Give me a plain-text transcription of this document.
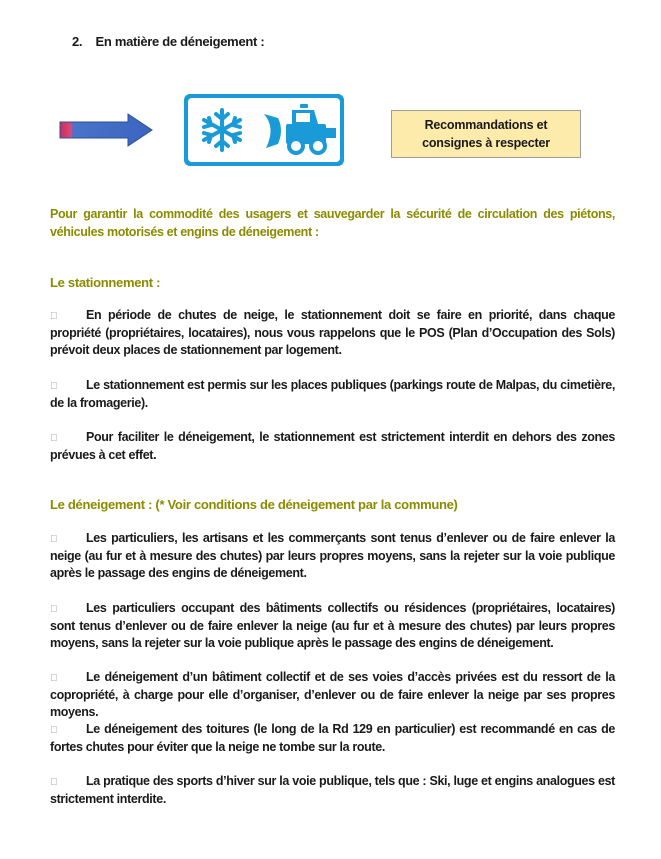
2.    En matière de déneigement :
Recommandations et
consignes à respecter
Pour garantir la commodité des usagers et sauvegarder la sécurité de circulation des piétons, véhicules motorisés et engins de déneigement :
Le stationnement :
En période de chutes de neige, le stationnement doit se faire en priorité, dans chaque propriété (propriétaires, locataires), nous vous rappelons que le POS (Plan d’Occupation des Sols) prévoit deux places de stationnement par logement.
Le stationnement est permis sur les places publiques (parkings route de Malpas, du cimetière, de la fromagerie).
Pour faciliter le déneigement, le stationnement est strictement interdit en dehors des zones prévues à cet effet.
Le déneigement : (* Voir conditions de déneigement par la commune)
Les particuliers, les artisans et les commerçants sont tenus d’enlever ou de faire enlever la neige (au fur et à mesure des chutes) par leurs propres moyens, sans la rejeter sur la voie publique après le passage des engins de déneigement.
Les particuliers occupant des bâtiments collectifs ou résidences (propriétaires, locataires) sont tenus d’enlever ou de faire enlever la neige (au fur et à mesure des chutes) par leurs propres moyens, sans la rejeter sur la voie publique après le passage des engins de déneigement.
Le déneigement d’un bâtiment collectif et de ses voies d’accès privées est du ressort de la copropriété, à charge pour elle d’organiser, d’enlever ou de faire enlever la neige par ses propres moyens.
Le déneigement des toitures (le long de la Rd 129 en particulier) est recommandé en cas de fortes chutes pour éviter que la neige ne tombe sur la route.
La pratique des sports d’hiver sur la voie publique, tels que : Ski, luge et engins analogues est strictement interdite.
